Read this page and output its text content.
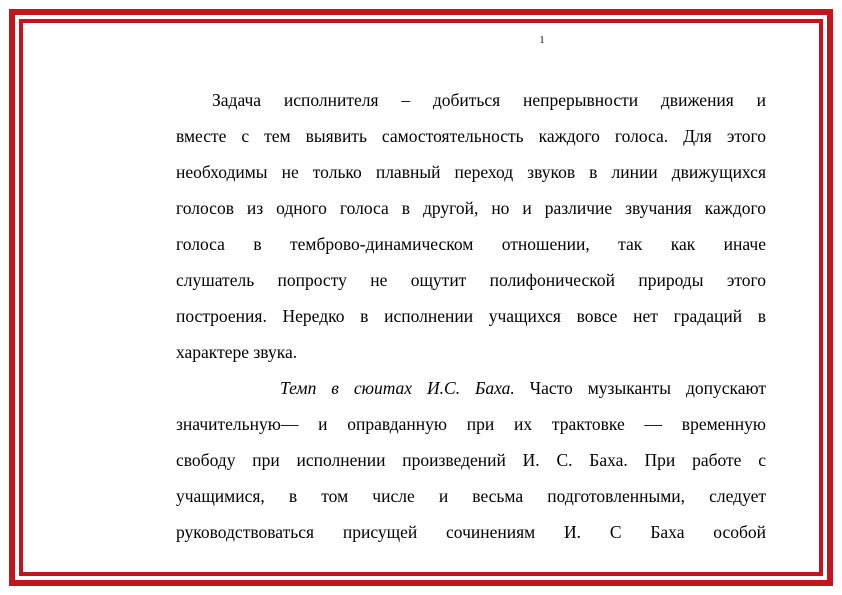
1
Задача исполнителя – добиться непрерывности движения и
вместе с тем выявить самостоятельность каждого голоса. Для этого
необходимы не только плавный переход звуков в линии движущихся
голосов из одного голоса в другой, но и различие звучания каждого
голоса в темброво-динамическом отношении, так как иначе
слушатель попросту не ощутит полифонической природы этого
построения. Нередко в исполнении учащихся вовсе нет градаций в
характере звука.
Темп в сюитах И.С. Баха. Часто музыканты допускают
значительную— и оправданную при их трактовке — временную
свободу при исполнении произведений И. С. Баха. При работе с
учащимися, в том числе и весьма подготовленными, следует
руководствоваться присущей сочинениям И. С Баха особой
